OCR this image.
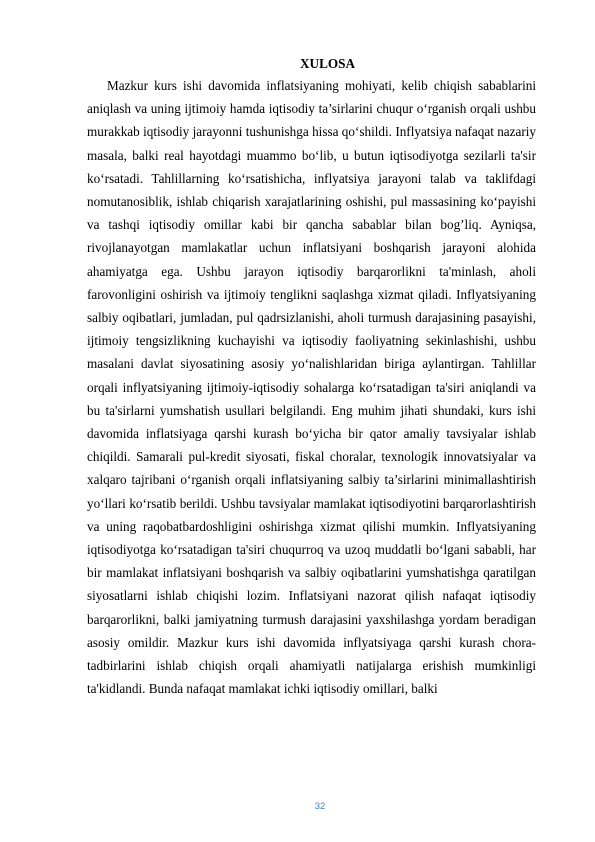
XULOSA

Mazkur kurs ishi davomida inflatsiyaning mohiyati, kelib chiqish sabablarini aniqlash va uning ijtimoiy hamda iqtisodiy ta’sirlarini chuqur o‘rganish orqali ushbu murakkab iqtisodiy jarayonni tushunishga hissa qo‘shildi. Inflyatsiya nafaqat nazariy masala, balki real hayotdagi muammo bo‘lib, u butun iqtisodiyotga sezilarli ta'sir ko‘rsatadi. Tahlillarning ko‘rsatishicha, inflyatsiya jarayoni talab va taklifdagi nomutanosiblik, ishlab chiqarish xarajatlarining oshishi, pul massasining ko‘payishi va tashqi iqtisodiy omillar kabi bir qancha sabablar bilan bog’liq. Ayniqsa, rivojlanayotgan mamlakatlar uchun inflatsiyani boshqarish jarayoni alohida ahamiyatga ega. Ushbu jarayon iqtisodiy barqarorlikni ta'minlash, aholi farovonligini oshirish va ijtimoiy tenglikni saqlashga xizmat qiladi. Inflyatsiyaning salbiy oqibatlari, jumladan, pul qadrsizlanishi, aholi turmush darajasining pasayishi, ijtimoiy tengsizlikning kuchayishi va iqtisodiy faoliyatning sekinlashishi, ushbu masalani davlat siyosatining asosiy yo‘nalishlaridan biriga aylantirgan. Tahlillar orqali inflyatsiyaning ijtimoiy-iqtisodiy sohalarga ko‘rsatadigan ta'siri aniqlandi va bu ta'sirlarni yumshatish usullari belgilandi. Eng muhim jihati shundaki, kurs ishi davomida inflatsiyaga qarshi kurash bo‘yicha bir qator amaliy tavsiyalar ishlab chiqildi. Samarali pul-kredit siyosati, fiskal choralar, texnologik innovatsiyalar va xalqaro tajribani o‘rganish orqali inflatsiyaning salbiy ta’sirlarini minimallashtirish yo‘llari ko‘rsatib berildi. Ushbu tavsiyalar mamlakat iqtisodiyotini barqarorlashtirish va uning raqobatbardoshligini oshirishga xizmat qilishi mumkin. Inflyatsiyaning iqtisodiyotga ko‘rsatadigan ta'siri chuqurroq va uzoq muddatli bo‘lgani sababli, har bir mamlakat inflatsiyani boshqarish va salbiy oqibatlarini yumshatishga qaratilgan siyosatlarni ishlab chiqishi lozim. Inflatsiyani nazorat qilish nafaqat iqtisodiy barqarorlikni, balki jamiyatning turmush darajasini yaxshilashga yordam beradigan asosiy omildir. Mazkur kurs ishi davomida inflyatsiyaga qarshi kurash chora-tadbirlarini ishlab chiqish orqali ahamiyatli natijalarga erishish mumkinligi ta'kidlandi. Bunda nafaqat mamlakat ichki iqtisodiy omillari, balki

32
